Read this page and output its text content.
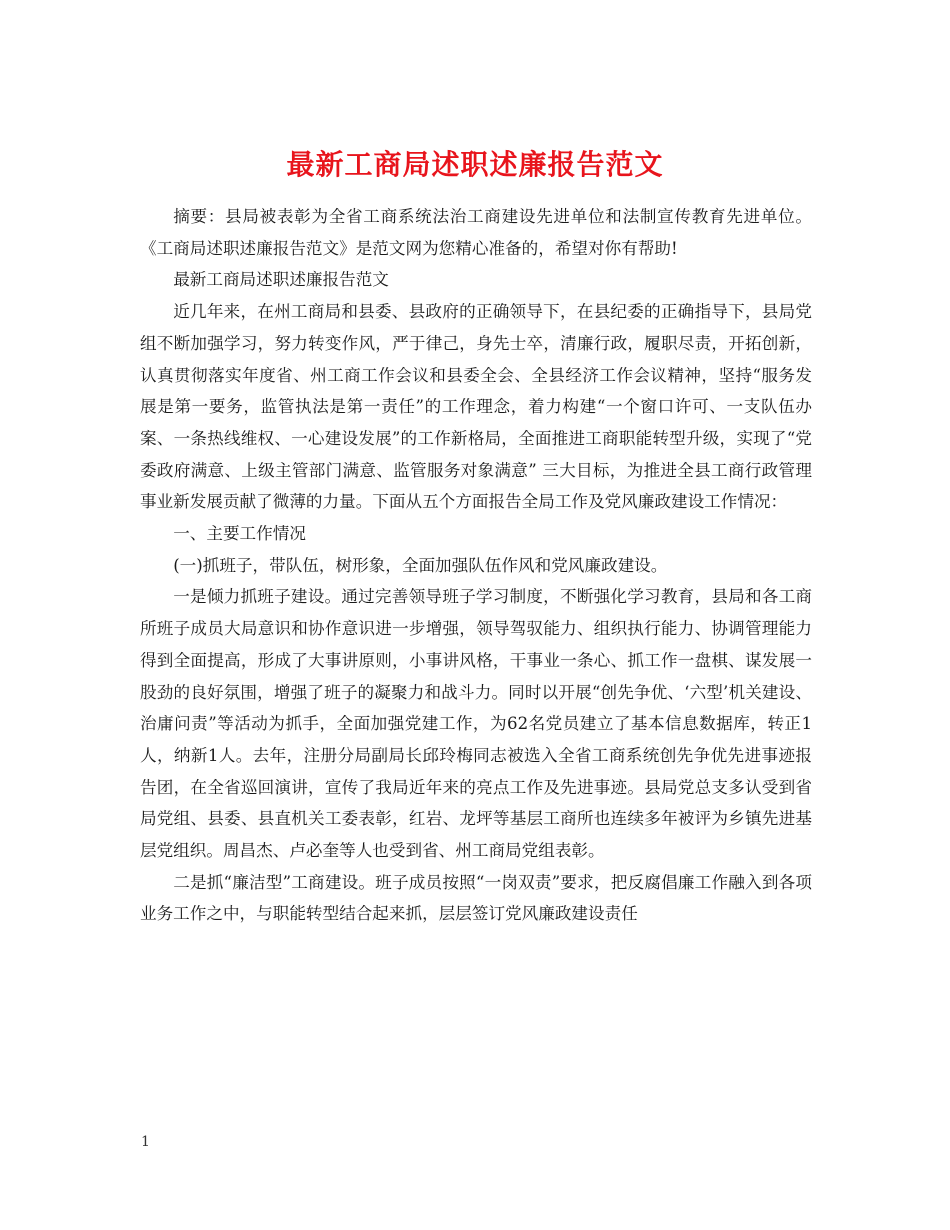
最新工商局述职述廉报告范文

摘要：县局被表彰为全省工商系统法治工商建设先进单位和法制宣传教育先进单位。《工商局述职述廉报告范文》是范文网为您精心准备的，希望对你有帮助!

最新工商局述职述廉报告范文

近几年来，在州工商局和县委、县政府的正确领导下，在县纪委的正确指导下，县局党组不断加强学习，努力转变作风，严于律己，身先士卒，清廉行政，履职尽责，开拓创新，认真贯彻落实年度省、州工商工作会议和县委全会、全县经济工作会议精神，坚持“服务发展是第一要务，监管执法是第一责任”的工作理念，着力构建“一个窗口许可、一支队伍办案、一条热线维权、一心建设发展”的工作新格局，全面推进工商职能转型升级，实现了“党委政府满意、上级主管部门满意、监管服务对象满意” 三大目标，为推进全县工商行政管理事业新发展贡献了微薄的力量。下面从五个方面报告全局工作及党风廉政建设工作情况：

一、主要工作情况

(一)抓班子，带队伍，树形象，全面加强队伍作风和党风廉政建设。

一是倾力抓班子建设。通过完善领导班子学习制度，不断强化学习教育，县局和各工商所班子成员大局意识和协作意识进一步增强，领导驾驭能力、组织执行能力、协调管理能力得到全面提高，形成了大事讲原则，小事讲风格，干事业一条心、抓工作一盘棋、谋发展一股劲的良好氛围，增强了班子的凝聚力和战斗力。同时以开展“创先争优、‘六型’机关建设、治庸问责”等活动为抓手，全面加强党建工作，为62名党员建立了基本信息数据库，转正1人，纳新1人。去年，注册分局副局长邱玲梅同志被选入全省工商系统创先争优先进事迹报告团，在全省巡回演讲，宣传了我局近年来的亮点工作及先进事迹。县局党总支多认受到省局党组、县委、县直机关工委表彰，红岩、龙坪等基层工商所也连续多年被评为乡镇先进基层党组织。周昌杰、卢必奎等人也受到省、州工商局党组表彰。

二是抓“廉洁型”工商建设。班子成员按照“一岗双责”要求，把反腐倡廉工作融入到各项业务工作之中，与职能转型结合起来抓，层层签订党风廉政建设责任

1
